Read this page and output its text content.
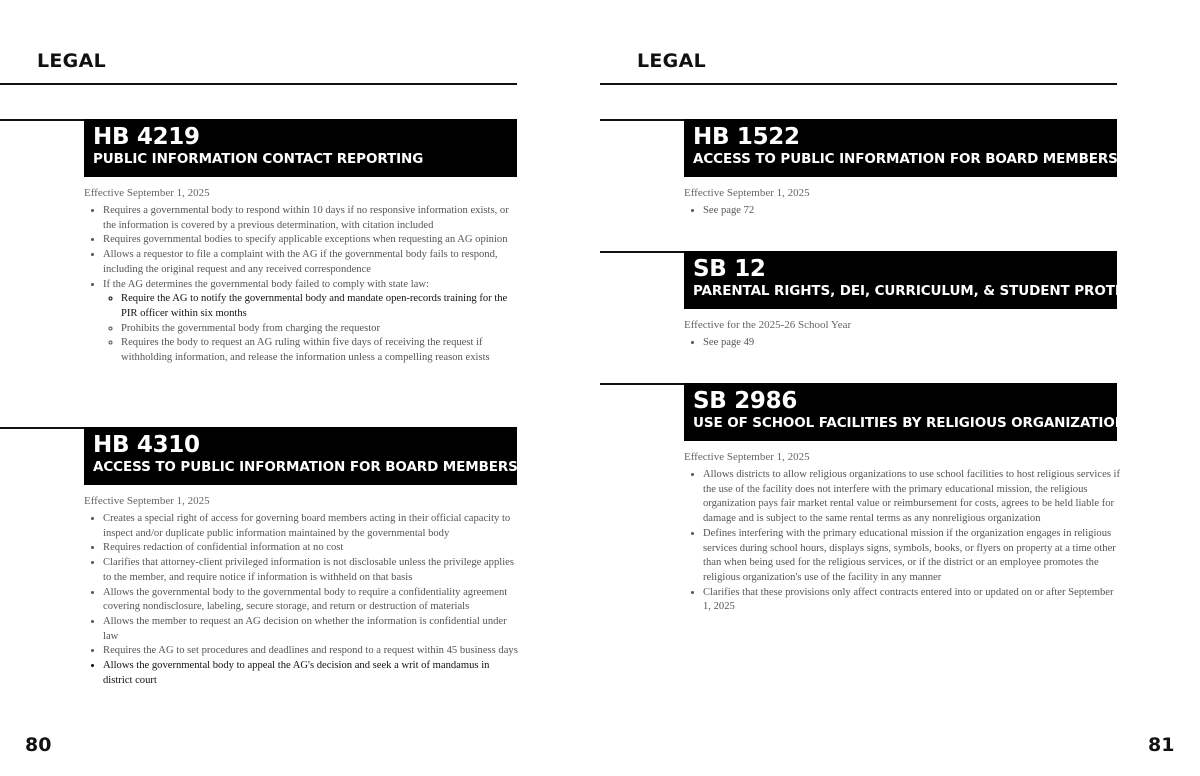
LEGAL
HB 4219
PUBLIC INFORMATION CONTACT REPORTING
Effective September 1, 2025
• Requires a governmental body to respond within 10 days if no responsive information exists, or the information is covered by a previous determination, with citation included
• Requires governmental bodies to specify applicable exceptions when requesting an AG opinion
• Allows a requestor to file a complaint with the AG if the governmental body fails to respond, including the original request and any received correspondence
• If the AG determines the governmental body failed to comply with state law:
◦ Require the AG to notify the governmental body and mandate open-records training for the PIR officer within six months
◦ Prohibits the governmental body from charging the requestor
◦ Requires the body to request an AG ruling within five days of receiving the request if withholding information, and release the information unless a compelling reason exists
HB 4310
ACCESS TO PUBLIC INFORMATION FOR BOARD MEMBERS
Effective September 1, 2025
• Creates a special right of access for governing board members acting in their official capacity to inspect and/or duplicate public information maintained by the governmental body
• Requires redaction of confidential information at no cost
• Clarifies that attorney-client privileged information is not disclosable unless the privilege applies to the member, and require notice if information is withheld on that basis
• Allows the governmental body to the governmental body to require a confidentiality agreement covering nondisclosure, labeling, secure storage, and return or destruction of materials
• Allows the member to request an AG decision on whether the information is confidential under law
• Requires the AG to set procedures and deadlines and respond to a request within 45 business days
• Allows the governmental body to appeal the AG's decision and seek a writ of mandamus in district court
80
LEGAL
HB 1522
ACCESS TO PUBLIC INFORMATION FOR BOARD MEMBERS
Effective September 1, 2025
• See page 72
SB 12
PARENTAL RIGHTS, DEI, CURRICULUM, & STUDENT PROTECTIONS
Effective for the 2025-26 School Year
• See page 49
SB 2986
USE OF SCHOOL FACILITIES BY RELIGIOUS ORGANIZATIONS
Effective September 1, 2025
• Allows districts to allow religious organizations to use school facilities to host religious services if the use of the facility does not interfere with the primary educational mission, the religious organization pays fair market rental value or reimbursement for costs, agrees to be held liable for damage and is subject to the same rental terms as any nonreligious organization
• Defines interfering with the primary educational mission if the organization engages in religious services during school hours, displays signs, symbols, books, or flyers on property at a time other than when being used for the religious services, or if the district or an employee promotes the religious organization's use of the facility in any manner
• Clarifies that these provisions only affect contracts entered into or updated on or after September 1, 2025
81
